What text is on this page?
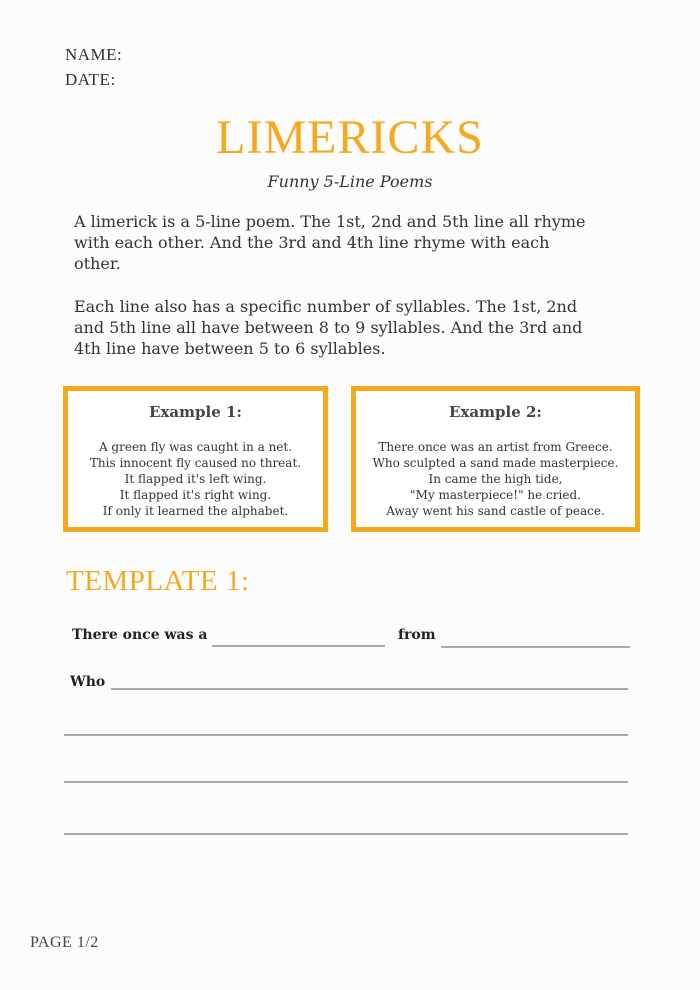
NAME:
DATE:
LIMERICKS
Funny 5-Line Poems
A limerick is a 5-line poem. The 1st, 2nd and 5th line all rhyme
with each other. And the 3rd and 4th line rhyme with each
other.
Each line also has a specific number of syllables. The 1st, 2nd
and 5th line all have between 8 to 9 syllables. And the 3rd and
4th line have between 5 to 6 syllables.
Example 1:
A green fly was caught in a net.
This innocent fly caused no threat.
It flapped it's left wing.
It flapped it's right wing.
If only it learned the alphabet.
Example 2:
There once was an artist from Greece.
Who sculpted a sand made masterpiece.
In came the high tide,
"My masterpiece!" he cried.
Away went his sand castle of peace.
TEMPLATE 1:
There once was a	from
Who
PAGE 1/2
